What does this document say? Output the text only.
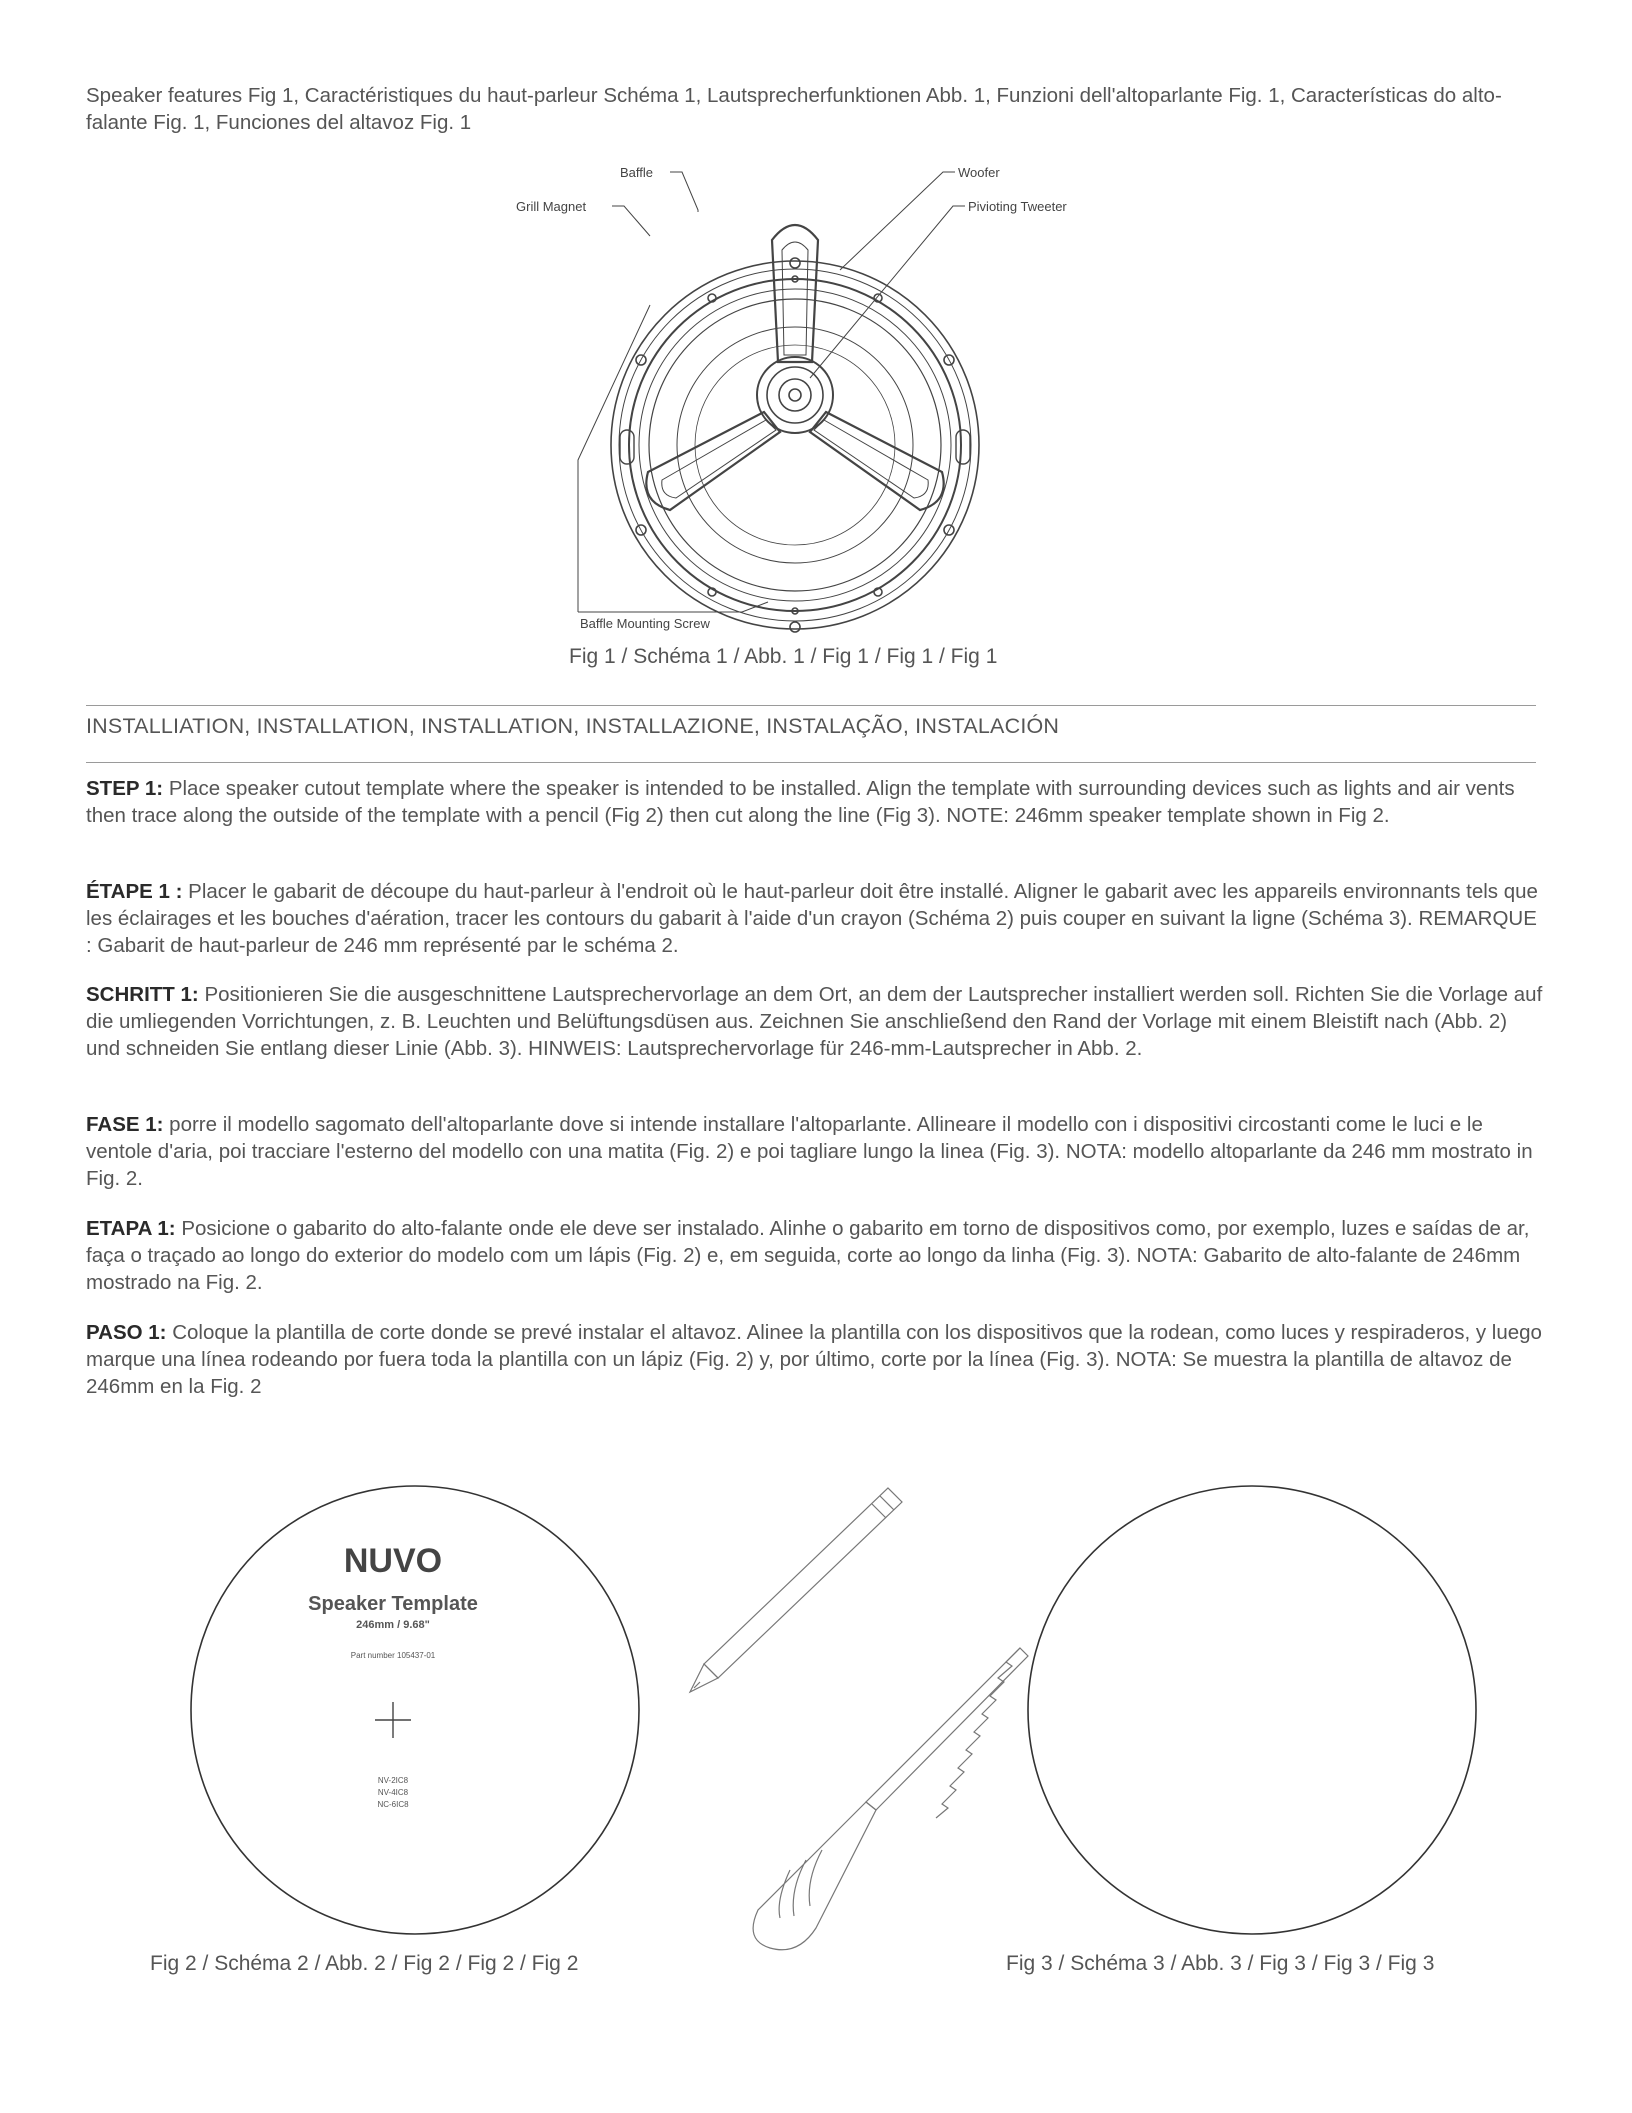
Speaker features Fig 1, Caractéristiques du haut-parleur Schéma 1, Lautsprecherfunktionen Abb. 1, Funzioni dell'altoparlante Fig. 1, Características do alto-falante Fig. 1, Funciones del altavoz Fig. 1
Baffle
Grill Magnet
Woofer
Pivioting Tweeter
Baffle Mounting Screw
Fig 1 / Schéma 1 / Abb. 1 / Fig 1 / Fig 1 / Fig 1
INSTALLIATION, INSTALLATION, INSTALLATION, INSTALLAZIONE, INSTALAÇÃO, INSTALACIÓN
STEP 1: Place speaker cutout template where the speaker is intended to be installed. Align the template with surrounding devices such as lights and air vents then trace along the outside of the template with a pencil (Fig 2) then cut along the line (Fig 3). NOTE: 246mm speaker template shown in Fig 2.
ÉTAPE 1 : Placer le gabarit de découpe du haut-parleur à l'endroit où le haut-parleur doit être installé. Aligner le gabarit avec les appareils environnants tels que les éclairages et les bouches d'aération, tracer les contours du gabarit à l'aide d'un crayon (Schéma 2) puis couper en suivant la ligne (Schéma 3). REMARQUE : Gabarit de haut-parleur de 246 mm représenté par le schéma 2.
SCHRITT 1: Positionieren Sie die ausgeschnittene Lautsprechervorlage an dem Ort, an dem der Lautsprecher installiert werden soll. Richten Sie die Vorlage auf die umliegenden Vorrichtungen, z. B. Leuchten und Belüftungsdüsen aus. Zeichnen Sie anschließend den Rand der Vorlage mit einem Bleistift nach (Abb. 2) und schneiden Sie entlang dieser Linie (Abb. 3). HINWEIS: Lautsprechervorlage für 246-mm-Lautsprecher in Abb. 2.
FASE 1: porre il modello sagomato dell'altoparlante dove si intende installare l'altoparlante. Allineare il modello con i dispositivi circostanti come le luci e le ventole d'aria, poi tracciare l'esterno del modello con una matita (Fig. 2) e poi tagliare lungo la linea (Fig. 3). NOTA: modello altoparlante da 246 mm mostrato in Fig. 2.
ETAPA 1: Posicione o gabarito do alto-falante onde ele deve ser instalado. Alinhe o gabarito em torno de dispositivos como, por exemplo, luzes e saídas de ar, faça o traçado ao longo do exterior do modelo com um lápis (Fig. 2) e, em seguida, corte ao longo da linha (Fig. 3). NOTA: Gabarito de alto-falante de 246mm mostrado na Fig. 2.
PASO 1: Coloque la plantilla de corte donde se prevé instalar el altavoz. Alinee la plantilla con los dispositivos que la rodean, como luces y respiraderos, y luego marque una línea rodeando por fuera toda la plantilla con un lápiz (Fig. 2) y, por último, corte por la línea (Fig. 3). NOTA: Se muestra la plantilla de altavoz de 246mm en la Fig. 2
NUVO
Speaker Template
246mm / 9.68"
Part number 105437-01
NV-2IC8
NV-4IC8
NC-6IC8
Fig 2 / Schéma 2 / Abb. 2 / Fig 2 / Fig 2 / Fig 2	Fig 3 / Schéma 3 / Abb. 3 / Fig 3 / Fig 3 / Fig 3
